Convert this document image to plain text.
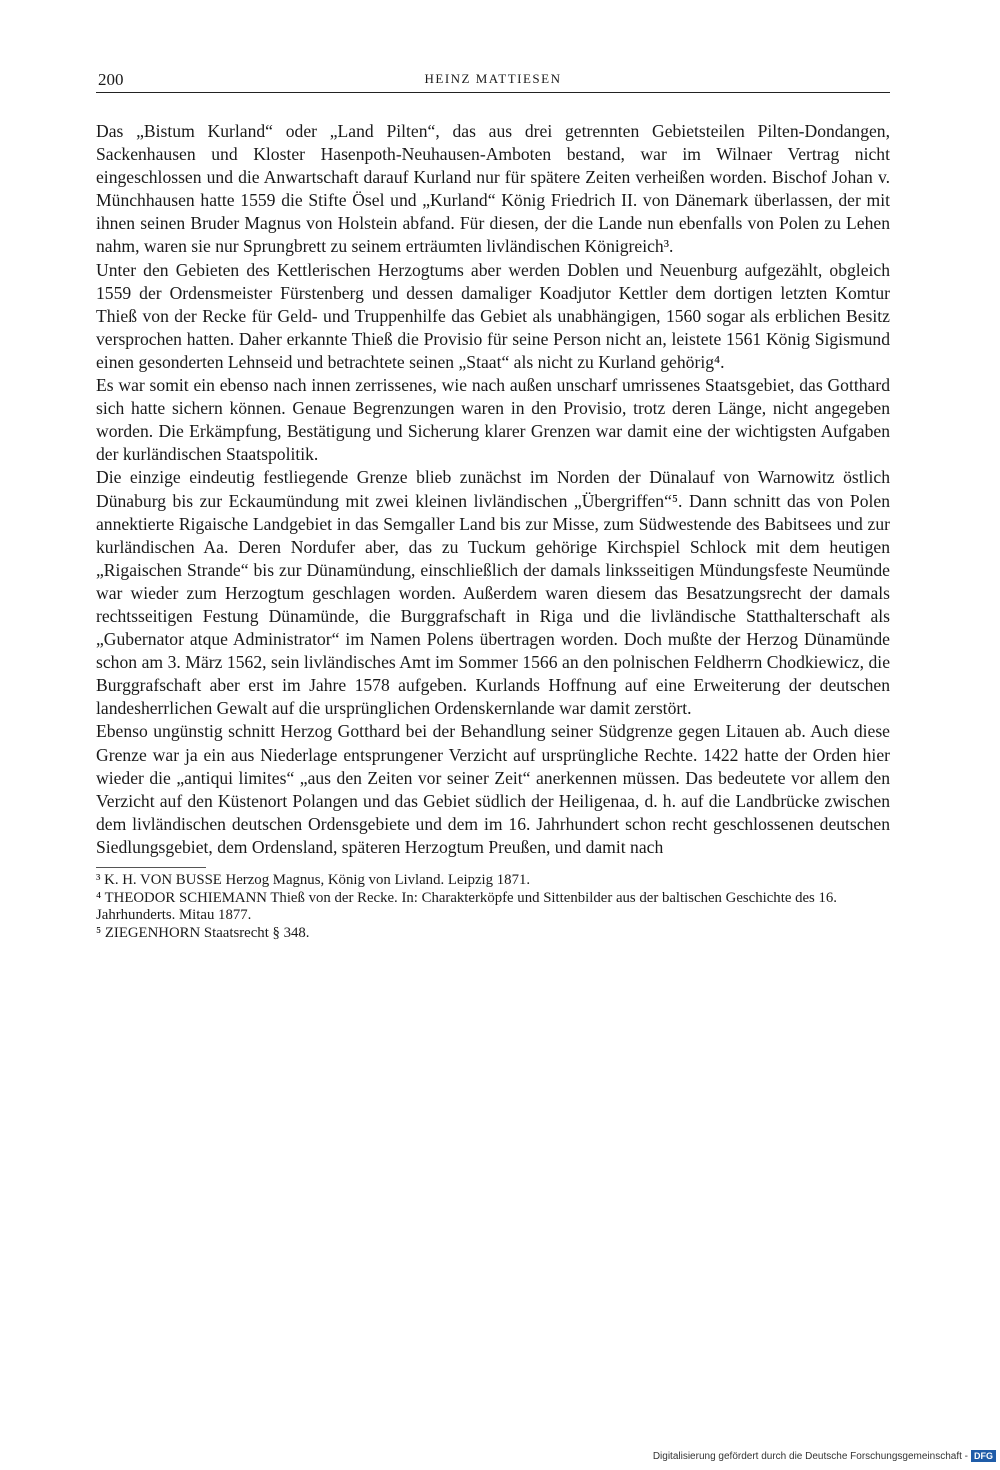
200	HEINZ MATTIESEN

Das „Bistum Kurland“ oder „Land Pilten“, das aus drei getrennten Gebietsteilen Pilten-Dondangen, Sackenhausen und Kloster Hasenpoth-Neuhausen-Amboten bestand, war im Wilnaer Vertrag nicht eingeschlossen und die Anwartschaft darauf Kurland nur für spätere Zeiten verheißen worden. Bischof Johan v. Münchhausen hatte 1559 die Stifte Ösel und „Kurland“ König Friedrich II. von Dänemark überlassen, der mit ihnen seinen Bruder Magnus von Holstein abfand. Für diesen, der die Lande nun ebenfalls von Polen zu Lehen nahm, waren sie nur Sprungbrett zu seinem erträumten livländischen Königreich³.

Unter den Gebieten des Kettlerischen Herzogtums aber werden Doblen und Neuenburg aufgezählt, obgleich 1559 der Ordensmeister Fürstenberg und dessen damaliger Koadjutor Kettler dem dortigen letzten Komtur Thieß von der Recke für Geld- und Truppenhilfe das Gebiet als unabhängigen, 1560 sogar als erblichen Besitz versprochen hatten. Daher erkannte Thieß die Provisio für seine Person nicht an, leistete 1561 König Sigismund einen gesonderten Lehnseid und betrachtete seinen „Staat“ als nicht zu Kurland gehörig⁴.

Es war somit ein ebenso nach innen zerrissenes, wie nach außen unscharf umrissenes Staatsgebiet, das Gotthard sich hatte sichern können. Genaue Begrenzungen waren in den Provisio, trotz deren Länge, nicht angegeben worden. Die Erkämpfung, Bestätigung und Sicherung klarer Grenzen war damit eine der wichtigsten Aufgaben der kurländischen Staatspolitik.

Die einzige eindeutig festliegende Grenze blieb zunächst im Norden der Dünalauf von Warnowitz östlich Dünaburg bis zur Eckaumündung mit zwei kleinen livländischen „Übergriffen“⁵. Dann schnitt das von Polen annektierte Rigaische Landgebiet in das Semgaller Land bis zur Misse, zum Südwestende des Babitsees und zur kurländischen Aa. Deren Nordufer aber, das zu Tuckum gehörige Kirchspiel Schlock mit dem heutigen „Rigaischen Strande“ bis zur Dünamündung, einschließlich der damals linksseitigen Mündungsfeste Neumünde war wieder zum Herzogtum geschlagen worden. Außerdem waren diesem das Besatzungsrecht der damals rechtsseitigen Festung Dünamünde, die Burggrafschaft in Riga und die livländische Statthalterschaft als „Gubernator atque Administrator“ im Namen Polens übertragen worden. Doch mußte der Herzog Dünamünde schon am 3. März 1562, sein livländisches Amt im Sommer 1566 an den polnischen Feldherrn Chodkiewicz, die Burggrafschaft aber erst im Jahre 1578 aufgeben. Kurlands Hoffnung auf eine Erweiterung der deutschen landesherrlichen Gewalt auf die ursprünglichen Ordenskernlande war damit zerstört.

Ebenso ungünstig schnitt Herzog Gotthard bei der Behandlung seiner Südgrenze gegen Litauen ab. Auch diese Grenze war ja ein aus Niederlage entsprungener Verzicht auf ursprüngliche Rechte. 1422 hatte der Orden hier wieder die „antiqui limites“ „aus den Zeiten vor seiner Zeit“ anerkennen müssen. Das bedeutete vor allem den Verzicht auf den Küstenort Polangen und das Gebiet südlich der Heiligenaa, d. h. auf die Landbrücke zwischen dem livländischen deutschen Ordensgebiete und dem im 16. Jahrhundert schon recht geschlossenen deutschen Siedlungsgebiet, dem Ordensland, späteren Herzogtum Preußen, und damit nach

³ K. H. VON BUSSE Herzog Magnus, König von Livland. Leipzig 1871.

⁴ THEODOR SCHIEMANN Thieß von der Recke. In: Charakterköpfe und Sittenbilder aus der baltischen Geschichte des 16. Jahrhunderts. Mitau 1877.

⁵ ZIEGENHORN Staatsrecht § 348.

Digitalisierung gefördert durch die Deutsche Forschungsgemeinschaft - DFG
